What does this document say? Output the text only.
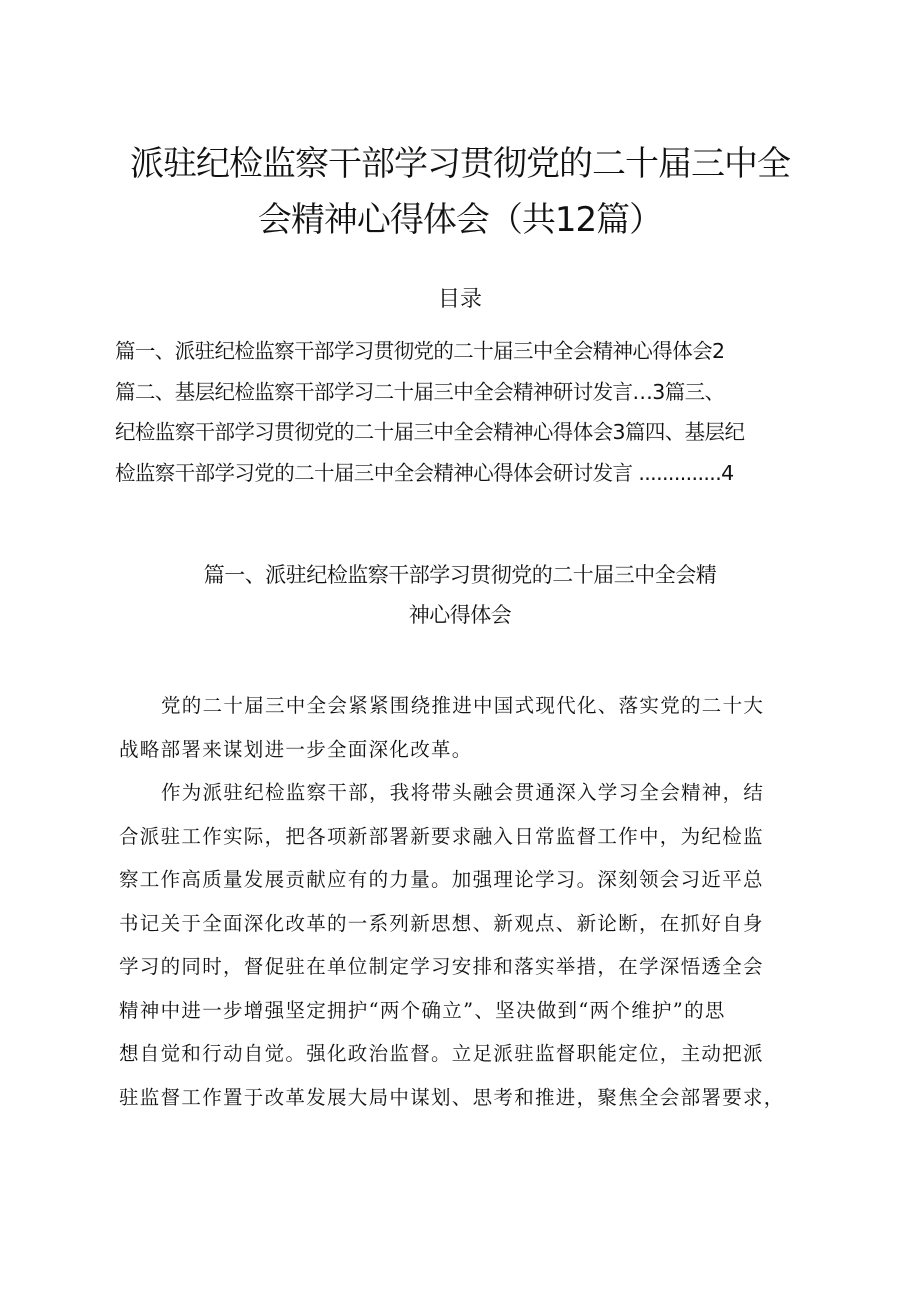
派驻纪检监察干部学习贯彻党的二十届三中全
会精神心得体会（共12篇）
目录
篇一、派驻纪检监察干部学习贯彻党的二十届三中全会精神心得体会2
篇二、基层纪检监察干部学习二十届三中全会精神研讨发言…3篇三、
纪检监察干部学习贯彻党的二十届三中全会精神心得体会3篇四、基层纪
检监察干部学习党的二十届三中全会精神心得体会研讨发言 ..............4
篇一、派驻纪检监察干部学习贯彻党的二十届三中全会精
神心得体会
党的二十届三中全会紧紧围绕推进中国式现代化、落实党的二十大
战略部署来谋划进一步全面深化改革。
作为派驻纪检监察干部，我将带头融会贯通深入学习全会精神，结
合派驻工作实际，把各项新部署新要求融入日常监督工作中，为纪检监
察工作高质量发展贡献应有的力量。加强理论学习。深刻领会习近平总
书记关于全面深化改革的一系列新思想、新观点、新论断，在抓好自身
学习的同时，督促驻在单位制定学习安排和落实举措，在学深悟透全会
精神中进一步增强坚定拥护“两个确立”、坚决做到“两个维护”的思
想自觉和行动自觉。强化政治监督。立足派驻监督职能定位，主动把派
驻监督工作置于改革发展大局中谋划、思考和推进，聚焦全会部署要求，
